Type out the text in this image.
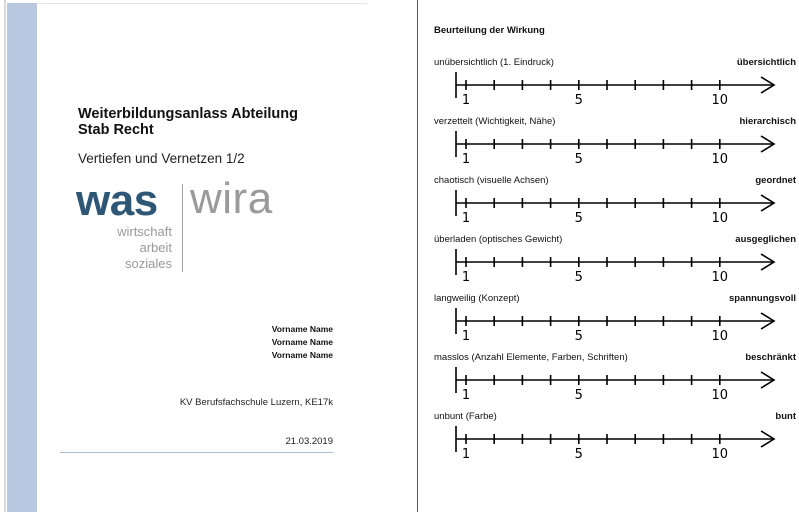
Weiterbildungsanlass Abteilung
Stab Recht
Vertiefen und Vernetzen 1/2
was wira
wirtschaft
arbeit
soziales
Vorname Name
Vorname Name
Vorname Name
KV Berufsfachschule Luzern, KE17k
21.03.2019
Beurteilung der Wirkung
unübersichtlich (1. Eindruck)	übersichtlich
1	5	10
verzettelt (Wichtigkeit, Nähe)	hierarchisch
1	5	10
chaotisch (visuelle Achsen)	geordnet
1	5	10
überladen (optisches Gewicht)	ausgeglichen
1	5	10
langweilig (Konzept)	spannungsvoll
1	5	10
masslos (Anzahl Elemente, Farben, Schriften)	beschränkt
1	5	10
unbunt (Farbe)	bunt
1	5	10
